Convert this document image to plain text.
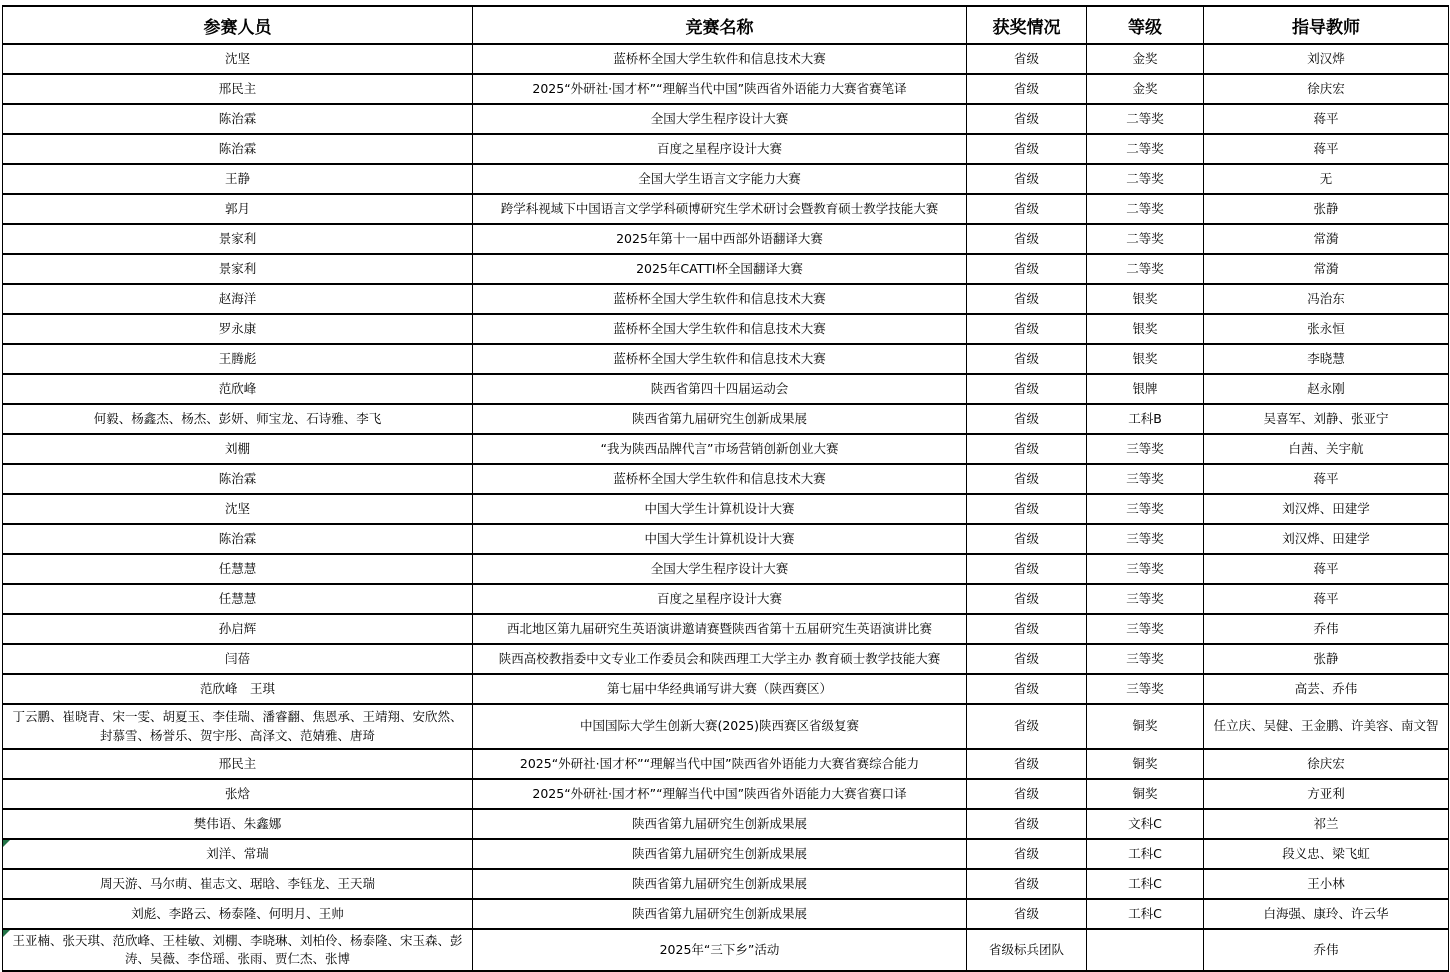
参赛人员	竞赛名称	获奖情况	等级	指导教师
沈坚	蓝桥杯全国大学生软件和信息技术大赛	省级	金奖	刘汉烨
邢民主	2025“外研社·国才杯”“理解当代中国”陕西省外语能力大赛省赛笔译	省级	金奖	徐庆宏
陈治霖	全国大学生程序设计大赛	省级	二等奖	蒋平
陈治霖	百度之星程序设计大赛	省级	二等奖	蒋平
王静	全国大学生语言文字能力大赛	省级	二等奖	无
郭月	跨学科视域下中国语言文学学科硕博研究生学术研讨会暨教育硕士教学技能大赛	省级	二等奖	张静
景家利	2025年第十一届中西部外语翻译大赛	省级	二等奖	常漪
景家利	2025年CATTI杯全国翻译大赛	省级	二等奖	常漪
赵海洋	蓝桥杯全国大学生软件和信息技术大赛	省级	银奖	冯治东
罗永康	蓝桥杯全国大学生软件和信息技术大赛	省级	银奖	张永恒
王腾彪	蓝桥杯全国大学生软件和信息技术大赛	省级	银奖	李晓慧
范欣峰	陕西省第四十四届运动会	省级	银牌	赵永刚
何毅、杨鑫杰、杨杰、彭妍、师宝龙、石诗雅、李飞	陕西省第九届研究生创新成果展	省级	工科B	吴喜军、刘静、张亚宁
刘棚	“我为陕西品牌代言”市场营销创新创业大赛	省级	三等奖	白茜、关宇航
陈治霖	蓝桥杯全国大学生软件和信息技术大赛	省级	三等奖	蒋平
沈坚	中国大学生计算机设计大赛	省级	三等奖	刘汉烨、田建学
陈治霖	中国大学生计算机设计大赛	省级	三等奖	刘汉烨、田建学
任慧慧	全国大学生程序设计大赛	省级	三等奖	蒋平
任慧慧	百度之星程序设计大赛	省级	三等奖	蒋平
孙启辉	西北地区第九届研究生英语演讲邀请赛暨陕西省第十五届研究生英语演讲比赛	省级	三等奖	乔伟
闫蓓	陕西高校教指委中文专业工作委员会和陕西理工大学主办 教育硕士教学技能大赛	省级	三等奖	张静
范欣峰　王琪	第七届中华经典诵写讲大赛（陕西赛区）	省级	三等奖	高芸、乔伟
丁云鹏、崔晓青、宋一雯、胡夏玉、李佳瑞、潘睿翻、焦恩承、王靖翔、安欣然、封慕雪、杨誉乐、贺宇彤、高泽文、范婧雅、唐琦	中国国际大学生创新大赛(2025)陕西赛区省级复赛	省级	铜奖	任立庆、吴健、王金鹏、许美容、南文智
邢民主	2025“外研社·国才杯”“理解当代中国”陕西省外语能力大赛省赛综合能力	省级	铜奖	徐庆宏
张焓	2025“外研社·国才杯”“理解当代中国”陕西省外语能力大赛省赛口译	省级	铜奖	方亚利
樊伟语、朱鑫娜	陕西省第九届研究生创新成果展	省级	文科C	祁兰
刘洋、常瑞	陕西省第九届研究生创新成果展	省级	工科C	段义忠、梁飞虹
周天游、马尔萌、崔志文、琚晗、李钰龙、王天瑞	陕西省第九届研究生创新成果展	省级	工科C	王小林
刘彪、李路云、杨泰隆、何明月、王帅	陕西省第九届研究生创新成果展	省级	工科C	白海强、康玲、许云华
王亚楠、张天琪、范欣峰、王桂敏、刘棚、李晓琳、刘柏伶、杨泰隆、宋玉森、彭涛、吴薇、李岱瑶、张雨、贾仁杰、张博	2025年“三下乡”活动	省级标兵团队		乔伟
